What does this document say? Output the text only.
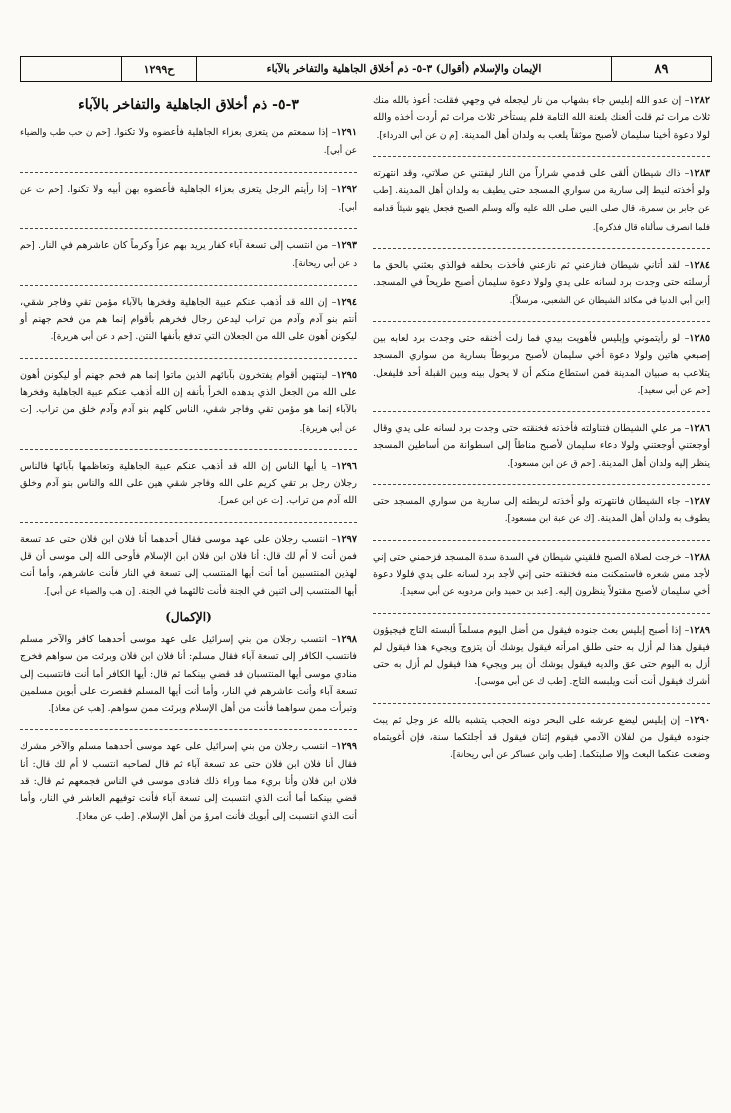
ح١٢٩٩	الإيمان والإسلام (أقوال) ٣-٥- ذم أخلاق الجاهلية والتفاخر بالآباء	٨٩

١٢٨٢– إن عدو الله إبليس جاء بشهاب من نار ليجعله في وجهي فقلت: أعوذ بالله منك ثلاث مرات ثم قلت ألعنك بلعنة الله التامة فلم يستأخر ثلاث مرات ثم أردت أخذه والله لولا دعوة أخينا سليمان لأصبح موثقاً يلعب به ولدان أهل المدينة. [م ن عن أبي الدرداء].

١٢٨٣– ذاك شيطان ألقى على قدمي شراراً من النار ليفتني عن صلاتي، وقد انتهرته ولو أخذته لنيط إلى سارية من سواري المسجد حتى يطيف به ولدان أهل المدينة. [طب عن جابر بن سمرة، قال صلى النبي صلى الله عليه وآله وسلم الصبح فجعل يتهو شيئاً قدامه فلما انصرف سألناه قال فذكره].

١٢٨٤– لقد أتاني شيطان فنازعني ثم نازعني فأخذت بحلقه فوالذي بعثني بالحق ما أرسلته حتى وجدت برد لسانه على يدي ولولا دعوة سليمان أصبح طريحاً في المسجد. [ابن أبي الدنيا في مكائد الشيطان عن الشعبي، مرسلاً].

١٢٨٥– لو رأيتموني وإبليس فأهويت بيدي فما زلت أخنقه حتى وجدت برد لعابه بين إصبعي هاتين ولولا دعوة أخي سليمان لأصبح مربوطاً بسارية من سواري المسجد يتلاعب به صبيان المدينة فمن استطاع منكم أن لا يحول بينه وبين القبلة أحد فليفعل. [حم عن أبي سعيد].

١٢٨٦– مر علي الشيطان فتناولته فأخذته فخنقته حتى وجدت برد لسانه على يدي وقال أوجعتني أوجعتني ولولا دعاء سليمان لأصبح مناطاً إلى اسطوانة من أساطين المسجد ينظر إليه ولدان أهل المدينة. [حم ق عن ابن مسعود].

١٢٨٧– جاء الشيطان فانتهرته ولو أخذته لربطته إلى سارية من سواري المسجد حتى يطوف به ولدان أهل المدينة. [ك عن عبة ابن مسعود].

١٢٨٨– خرجت لصلاة الصبح فلقيني شيطان في السدة سدة المسجد فزحمني حتى إني لأجد مس شعره فاستمكنت منه فخنقته حتى إني لأجد برد لسانه على يدي فلولا دعوة أخي سليمان لأصبح مقتولاً ينظرون إليه. [عبد بن حميد وابن مردويه عن أبي سعيد].

١٢٨٩– إذا أصبح إبليس بعث جنوده فيقول من أضل اليوم مسلماً ألبسته التاج فيجيؤون فيقول هذا لم أزل به حتى طلق امرأته فيقول يوشك أن يتزوج ويجيء هذا فيقول لم أزل به اليوم حتى عق والديه فيقول يوشك أن يبر ويجيء هذا فيقول لم أزل به حتى أشرك فيقول أنت أنت ويلبسه التاج. [طب ك عن أبي موسى].

١٢٩٠– إن إبليس ليضع عرشه على البحر دونه الحجب يتشبه بالله عز وجل ثم يبث جنوده فيقول من لفلان الآدمي فيقوم إثنان فيقول قد أجلتكما سنة، فإن أغويتماه وضعت عنكما البعث وإلا صلبتكما. [طب وابن عساكر عن أبي ريحانة].

٣-٥- ذم أخلاق الجاهلية والتفاخر بالآباء

١٢٩١– إذا سمعتم من يتعزى بعزاء الجاهلية فأعضوه ولا تكنوا. [حم ن حب طب والضياء عن أبي].

١٢٩٢– إذا رأيتم الرجل يتعزى بعزاء الجاهلية فأعضوه بهن أبيه ولا تكنوا. [حم ت عن أبي].

١٢٩٣– من انتسب إلى تسعة آباء كفار يريد بهم عزاً وكرماً كان عاشرهم في النار. [حم د عن أبي ريحانة].

١٢٩٤– إن الله قد أذهب عنكم عبية الجاهلية وفخرها بالآباء مؤمن تقي وفاجر شقي، أنتم بنو آدم وآدم من تراب ليدعن رجال فخرهم بأقوام إنما هم من فحم جهنم أو ليكونن أهون على الله من الجعلان التي تدفع بأنفها النتن. [حم د عن أبي هريرة].

١٢٩٥– لينتهين أقوام يفتخرون بآبائهم الذين ماتوا إنما هم فحم جهنم أو ليكونن أهون على الله من الجعل الذي يدهده الخرأ بأنفه إن الله أذهب عنكم عبية الجاهلية وفخرها بالآباء إنما هو مؤمن تقي وفاجر شقي، الناس كلهم بنو آدم وآدم خلق من تراب. [ت عن أبي هريرة].

١٢٩٦– يا أيها الناس إن الله قد أذهب عنكم عبية الجاهلية وتعاظمها بآبائها فالناس رجلان رجل بر تقي كريم على الله وفاجر شقي هين على الله والناس بنو آدم وخلق الله آدم من تراب. [ت عن ابن عمر].

١٢٩٧– انتسب رجلان على عهد موسى فقال أحدهما أنا فلان ابن فلان حتى عد تسعة فمن أنت لا أم لك قال: أنا فلان ابن فلان ابن الإسلام فأوحى الله إلى موسى أن قل لهذين المنتسبين أما أنت أيها المنتسب إلى تسعة في النار فأنت عاشرهم، وأما أنت أيها المنتسب إلى اثنين في الجنة فأنت ثالثهما في الجنة. [ن هب والضياء عن أبي].

(الإكمال)

١٢٩٨– انتسب رجلان من بني إسرائيل على عهد موسى أحدهما كافر والآخر مسلم فانتسب الكافر إلى تسعة آباء فقال مسلم: أنا فلان ابن فلان وبرئت من سواهم فخرج منادي موسى أيها المنتسبان قد قضي بينكما ثم قال: أيها الكافر أما أنت فانتسبت إلى تسعة آباء وأنت عاشرهم في النار، وأما أنت أيها المسلم فقصرت على أبوين مسلمين وتبرأت ممن سواهما فأنت من أهل الإسلام وبرئت ممن سواهم. [هب عن معاذ].

١٢٩٩– انتسب رجلان من بني إسرائيل على عهد موسى أحدهما مسلم والآخر مشرك فقال أنا فلان ابن فلان حتى عد تسعة آباء ثم قال لصاحبه انتسب لا أم لك قال: أنا فلان ابن فلان وأنا بريء مما وراء ذلك فنادى موسى في الناس فجمعهم ثم قال: قد قضي بينكما أما أنت الذي انتسبت إلى تسعة آباء فأنت توفيهم العاشر في النار، وأما أنت الذي انتسبت إلى أبويك فأنت امرؤ من أهل الإسلام. [طب عن معاذ].
